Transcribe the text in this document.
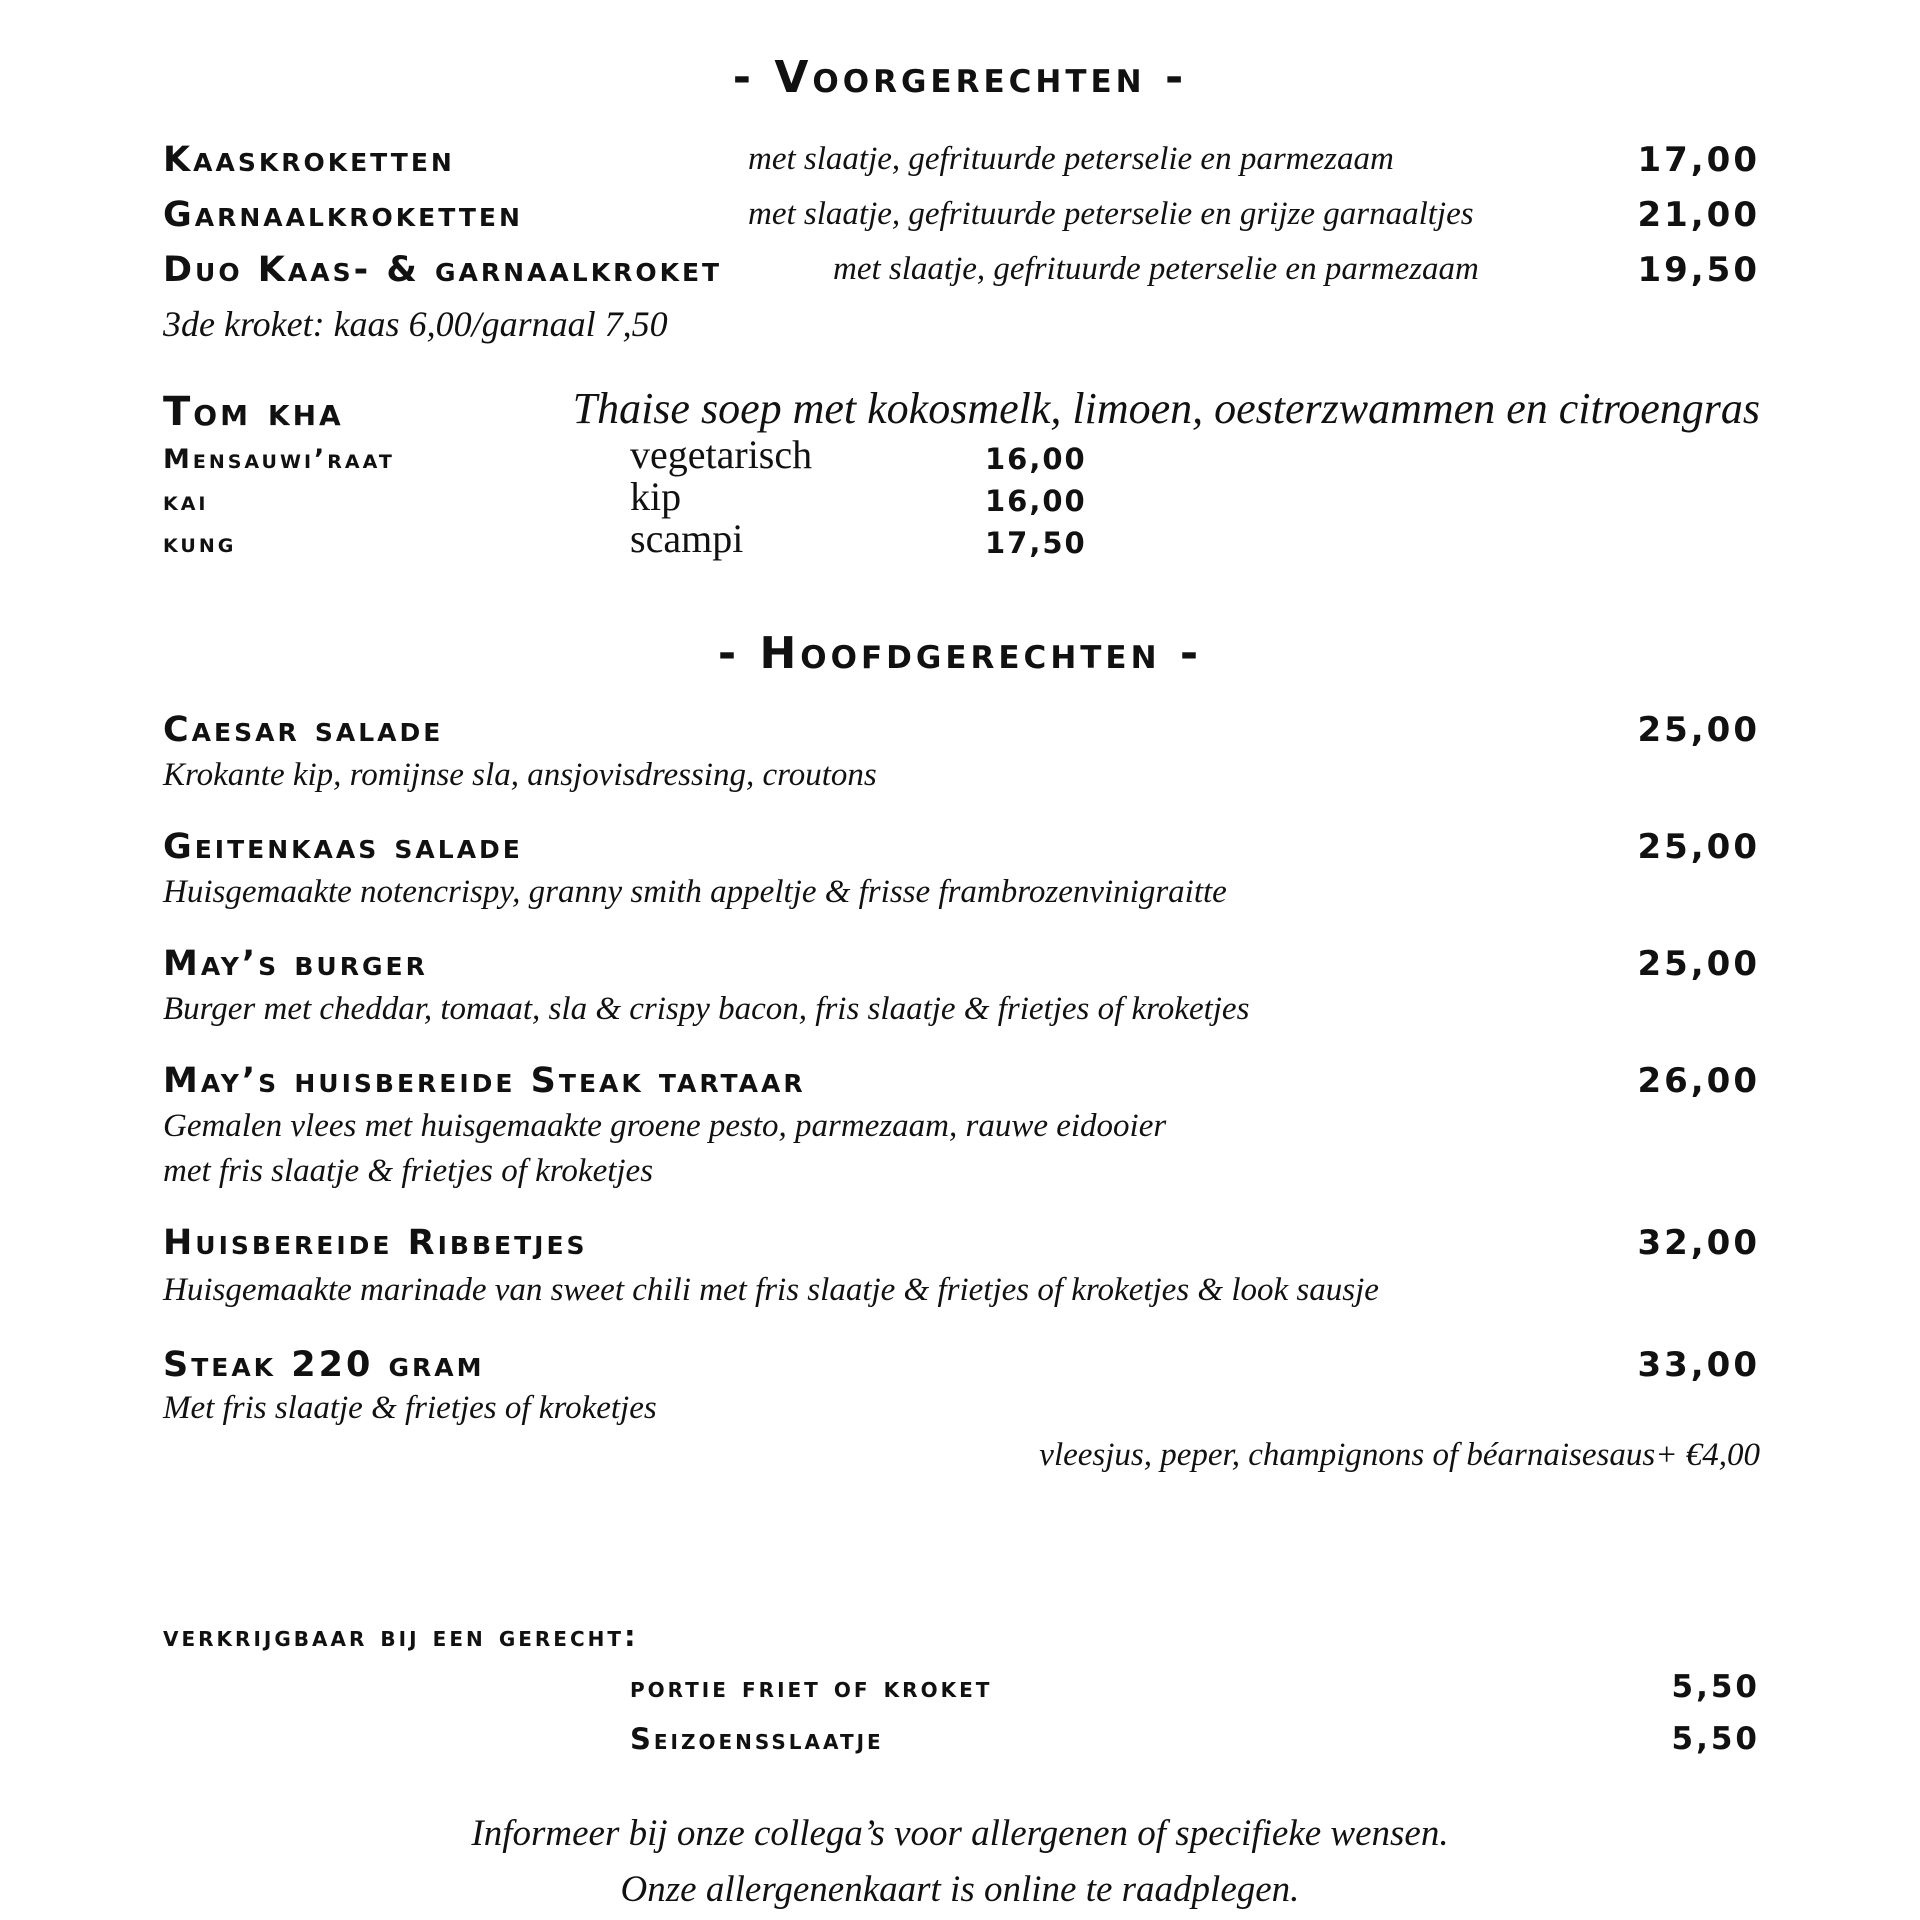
- Voorgerechten -
Kaaskroketten	met slaatje, gefrituurde peterselie en parmezaam	17,00
Garnaalkroketten	met slaatje, gefrituurde peterselie en grijze garnaaltjes	21,00
Duo Kaas- & garnaalkroket	met slaatje, gefrituurde peterselie en parmezaam	19,50
3de kroket: kaas 6,00/garnaal 7,50
Tom kha	Thaise soep met kokosmelk, limoen, oesterzwammen en citroengras
Mensauwi’raat	vegetarisch	16,00
kai	kip	16,00
kung	scampi	17,50
- Hoofdgerechten -
Caesar salade	25,00
Krokante kip, romijnse sla, ansjovisdressing, croutons
Geitenkaas salade	25,00
Huisgemaakte notencrispy, granny smith appeltje & frisse frambrozenvinigraitte
May’s burger	25,00
Burger met cheddar, tomaat, sla & crispy bacon, fris slaatje & frietjes of kroketjes
May’s huisbereide Steak tartaar	26,00
Gemalen vlees met huisgemaakte groene pesto, parmezaam, rauwe eidooier
met fris slaatje & frietjes of kroketjes
Huisbereide Ribbetjes	32,00
Huisgemaakte marinade van sweet chili met fris slaatje & frietjes of kroketjes & look sausje
Steak 220 gram	33,00
Met fris slaatje & frietjes of kroketjes
vleesjus, peper, champignons of béarnaisesaus+ €4,00
verkrijgbaar bij een gerecht:
portie friet of kroket	5,50
Seizoensslaatje	5,50
Informeer bij onze collega’s voor allergenen of specifieke wensen.
Onze allergenenkaart is online te raadplegen.
